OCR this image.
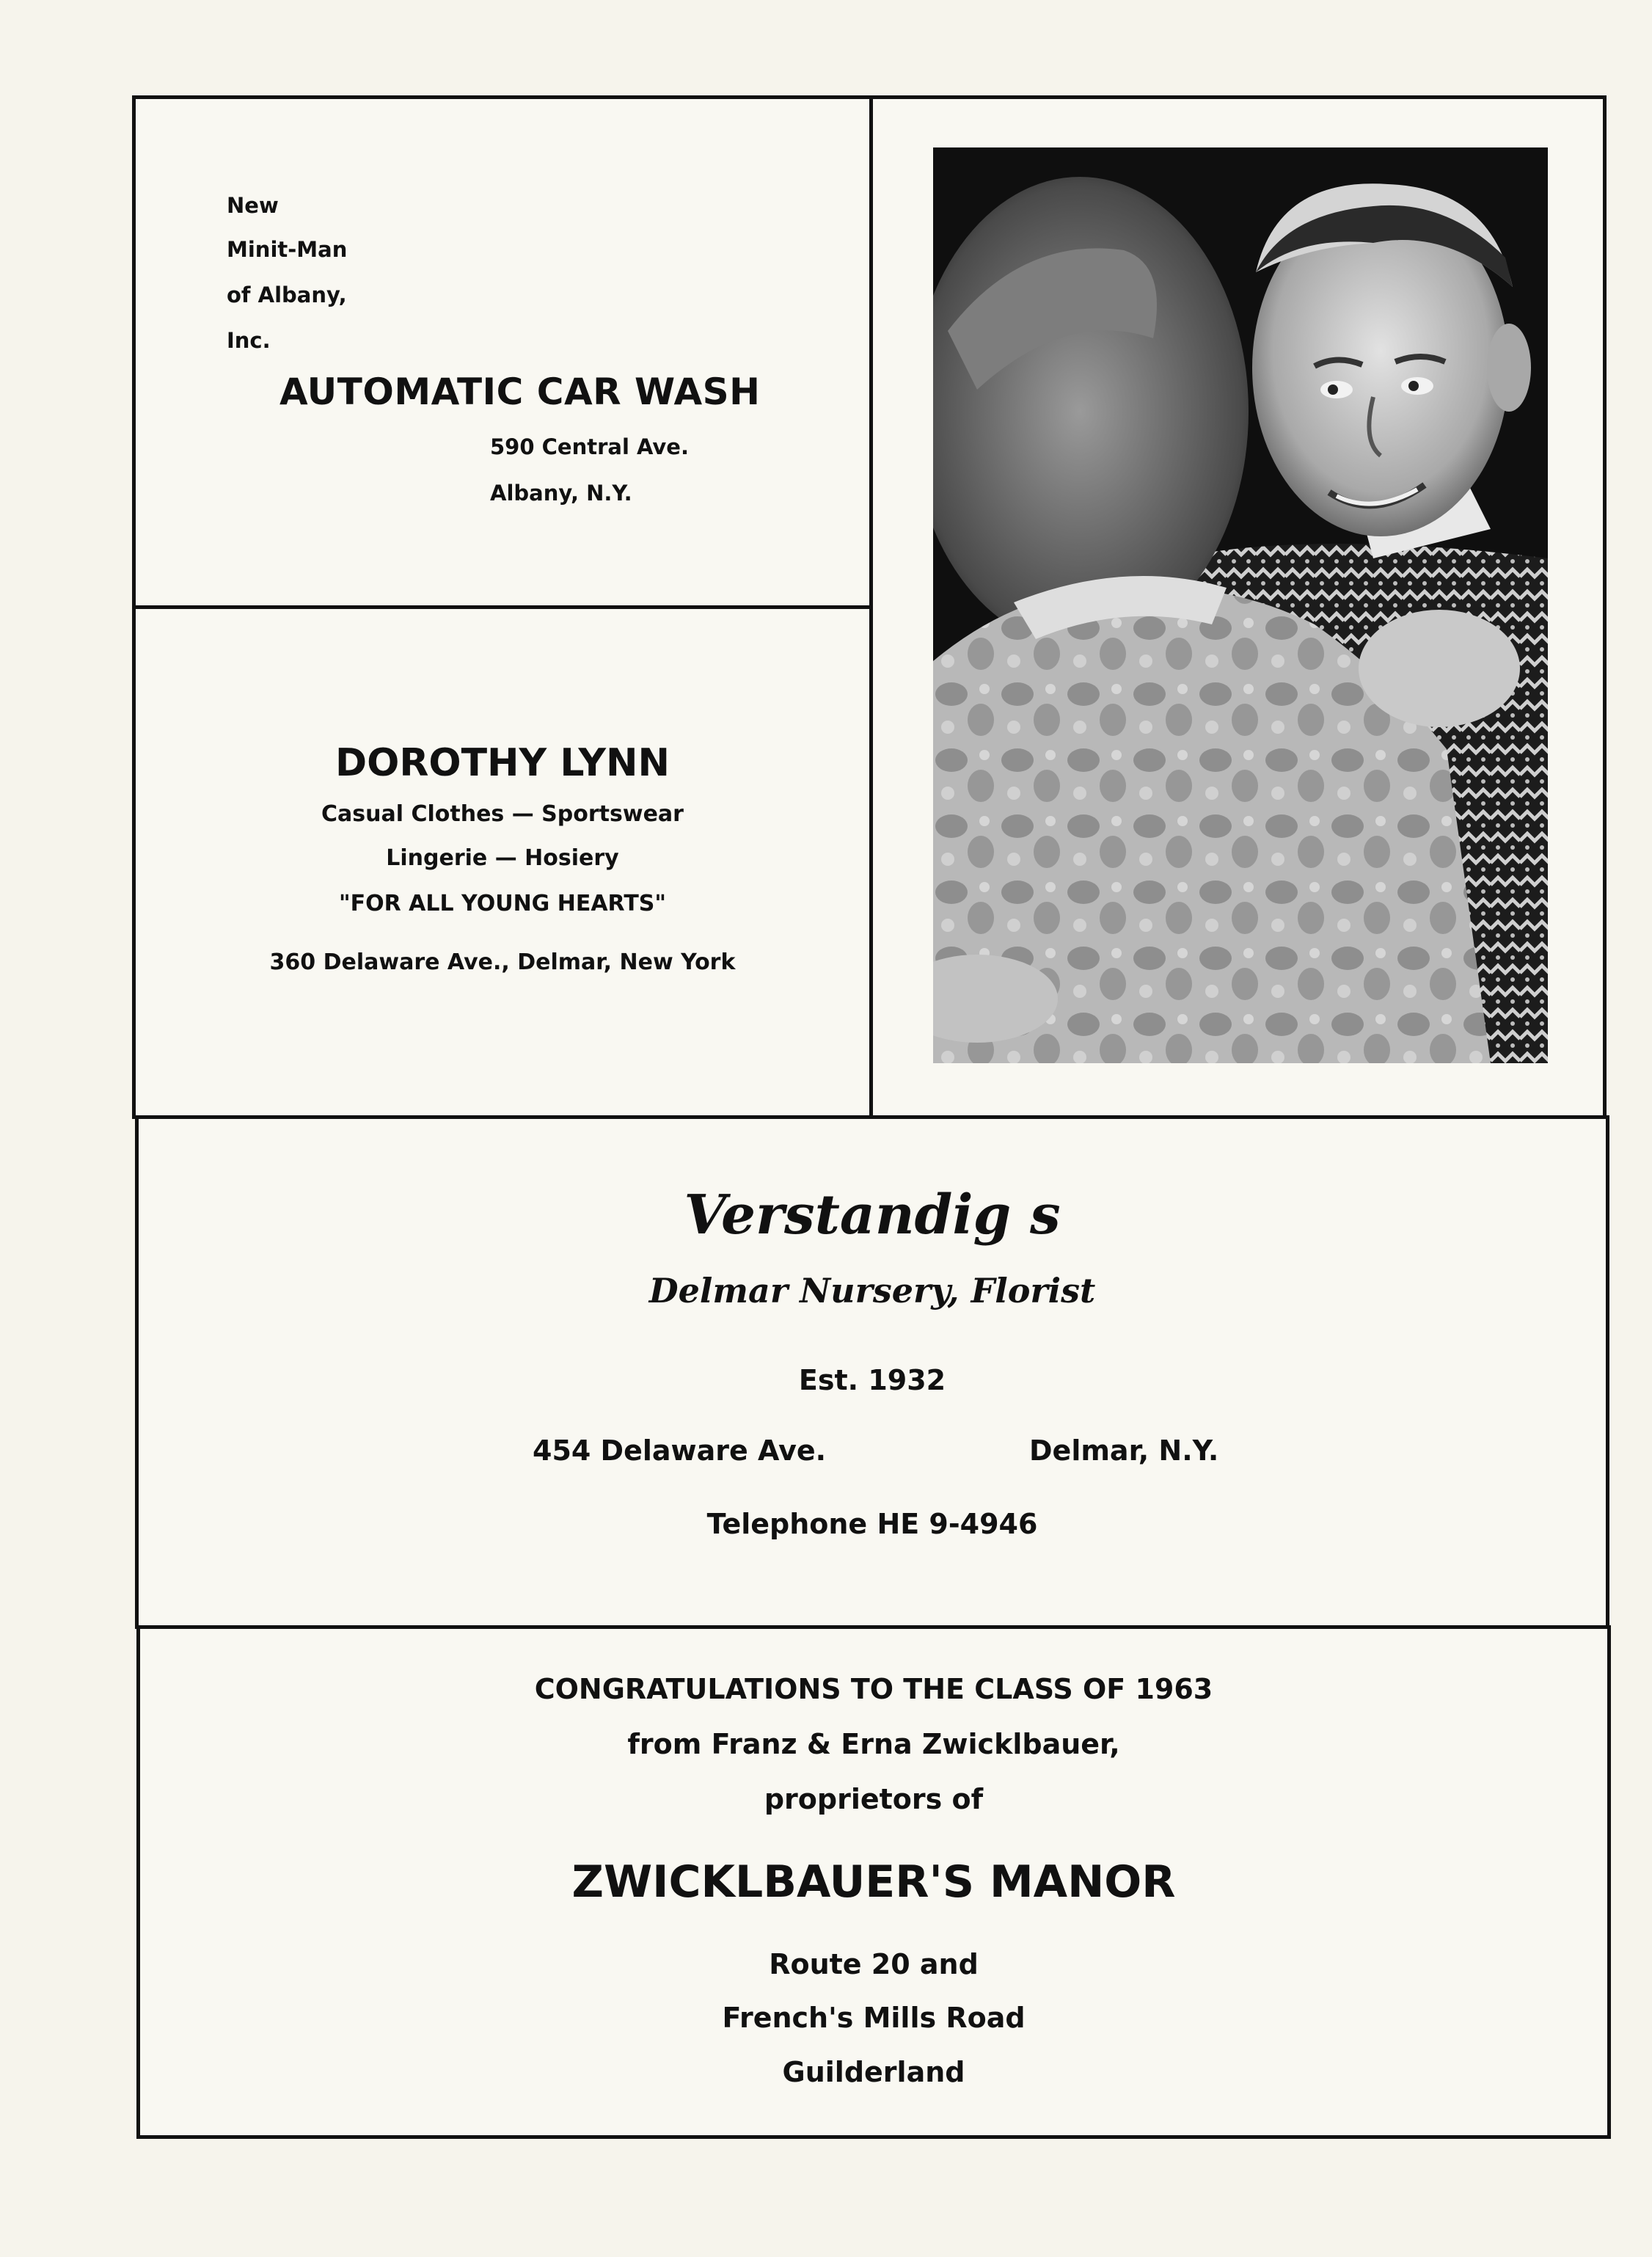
New
Minit-Man
of Albany,
Inc.
AUTOMATIC CAR WASH
590 Central Ave.
Albany, N.Y.
DOROTHY LYNN
Casual Clothes — Sportswear
Lingerie — Hosiery
"FOR ALL YOUNG HEARTS"
360 Delaware Ave., Delmar, New York
Verstandig s
Delmar Nursery, Florist
Est. 1932
454 Delaware Ave.	Delmar, N.Y.
Telephone HE 9-4946
CONGRATULATIONS TO THE CLASS OF 1963
from Franz & Erna Zwicklbauer,
proprietors of
ZWICKLBAUER'S MANOR
Route 20 and
French's Mills Road
Guilderland
